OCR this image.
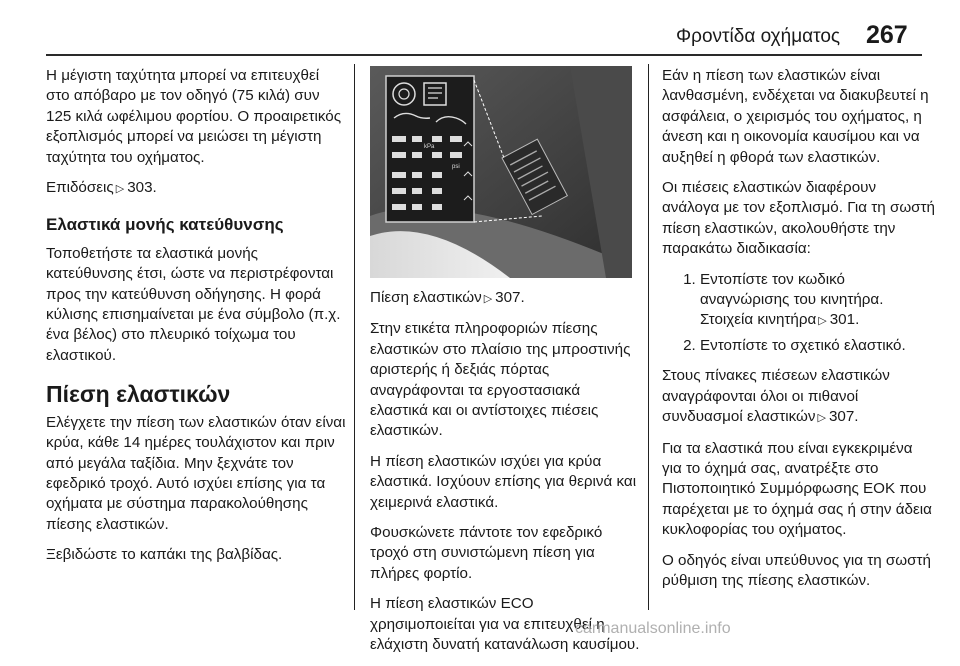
Φροντίδα οχήματος 267

Η μέγιστη ταχύτητα μπορεί να επιτευχθεί στο απόβαρο με τον οδηγό (75 κιλά) συν 125 κιλά ωφέλιμου φορτίου. Ο προαιρετικός εξοπλισμός μπορεί να μειώσει τη μέγιστη ταχύτητα του οχήματος.

Επιδόσεις ▷ 303.

Ελαστικά μονής κατεύθυνσης

Τοποθετήστε τα ελαστικά μονής κατεύθυνσης έτσι, ώστε να περιστρέφονται προς την κατεύθυνση οδήγησης. Η φορά κύλισης επισημαίνεται με ένα σύμβολο (π.χ. ένα βέλος) στο πλευρικό τοίχωμα του ελαστικού.

Πίεση ελαστικών

Ελέγχετε την πίεση των ελαστικών όταν είναι κρύα, κάθε 14 ημέρες τουλάχιστον και πριν από μεγάλα ταξίδια. Μην ξεχνάτε τον εφεδρικό τροχό. Αυτό ισχύει επίσης για τα οχήματα με σύστημα παρακολούθησης πίεσης ελαστικών.

Ξεβιδώστε το καπάκι της βαλβίδας.

kPa
psi

Πίεση ελαστικών ▷ 307.

Στην ετικέτα πληροφοριών πίεσης ελαστικών στο πλαίσιο της μπροστινής αριστερής ή δεξιάς πόρτας αναγράφονται τα εργοστασιακά ελαστικά και οι αντίστοιχες πιέσεις ελαστικών.

Η πίεση ελαστικών ισχύει για κρύα ελαστικά. Ισχύουν επίσης για θερινά και χειμερινά ελαστικά.

Φουσκώνετε πάντοτε τον εφεδρικό τροχό στη συνιστώμενη πίεση για πλήρες φορτίο.

Η πίεση ελαστικών ECO χρησιμοποιείται για να επιτευχθεί η ελάχιστη δυνατή κατανάλωση καυσίμου.

Εάν η πίεση των ελαστικών είναι λανθασμένη, ενδέχεται να διακυβευτεί η ασφάλεια, ο χειρισμός του οχήματος, η άνεση και η οικονομία καυσίμου και να αυξηθεί η φθορά των ελαστικών.

Οι πιέσεις ελαστικών διαφέρουν ανάλογα με τον εξοπλισμό. Για τη σωστή πίεση ελαστικών, ακολουθήστε την παρακάτω διαδικασία:

1. Εντοπίστε τον κωδικό αναγνώρισης του κινητήρα. Στοιχεία κινητήρα ▷ 301.
2. Εντοπίστε το σχετικό ελαστικό.

Στους πίνακες πιέσεων ελαστικών αναγράφονται όλοι οι πιθανοί συνδυασμοί ελαστικών ▷ 307.

Για τα ελαστικά που είναι εγκεκριμένα για το όχημά σας, ανατρέξτε στο Πιστοποιητικό Συμμόρφωσης ΕΟΚ που παρέχεται με το όχημά σας ή στην άδεια κυκλοφορίας του οχήματος.

Ο οδηγός είναι υπεύθυνος για τη σωστή ρύθμιση της πίεσης ελαστικών.

carmanualsonline.info
